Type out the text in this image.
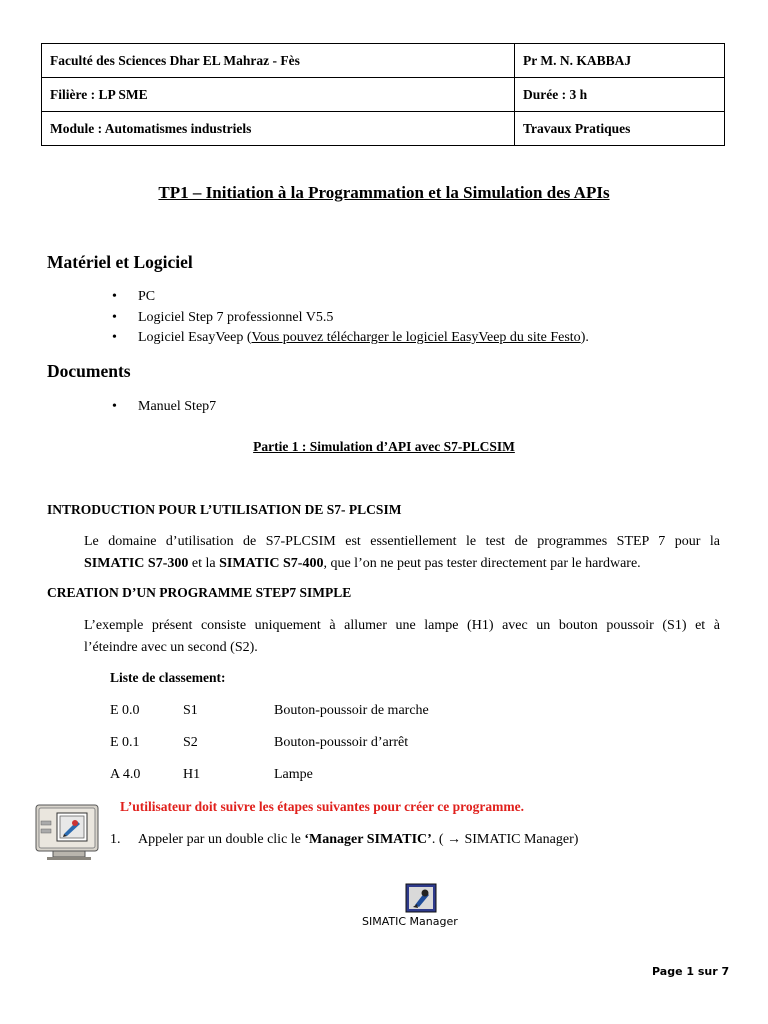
Faculté des Sciences Dhar EL Mahraz - Fès	Pr M. N. KABBAJ
Filière : LP SME	Durée : 3 h
Module : Automatismes industriels	Travaux Pratiques
TP1 – Initiation à la Programmation et la Simulation des APIs
Matériel et Logiciel
• PC
• Logiciel Step 7 professionnel V5.5
• Logiciel EsayVeep (Vous pouvez télécharger le logiciel EasyVeep du site Festo).
Documents
• Manuel Step7
Partie 1 : Simulation d’API avec S7-PLCSIM
INTRODUCTION POUR L’UTILISATION DE S7- PLCSIM
Le domaine d’utilisation de S7-PLCSIM est essentiellement le test de programmes STEP 7 pour la
SIMATIC S7-300 et la SIMATIC S7-400, que l’on ne peut pas tester directement par le hardware.
CREATION D’UN PROGRAMME STEP7 SIMPLE
L’exemple présent consiste uniquement à allumer une lampe (H1) avec un bouton poussoir (S1) et à
l’éteindre avec un second (S2).
Liste de classement:
E 0.0	S1	Bouton-poussoir de marche
E 0.1	S2	Bouton-poussoir d’arrêt
A 4.0	H1	Lampe
L’utilisateur doit suivre les étapes suivantes pour créer ce programme.
1. Appeler par un double clic le ‘Manager SIMATIC’. ( → SIMATIC Manager)
SIMATIC Manager
Page 1 sur 7
